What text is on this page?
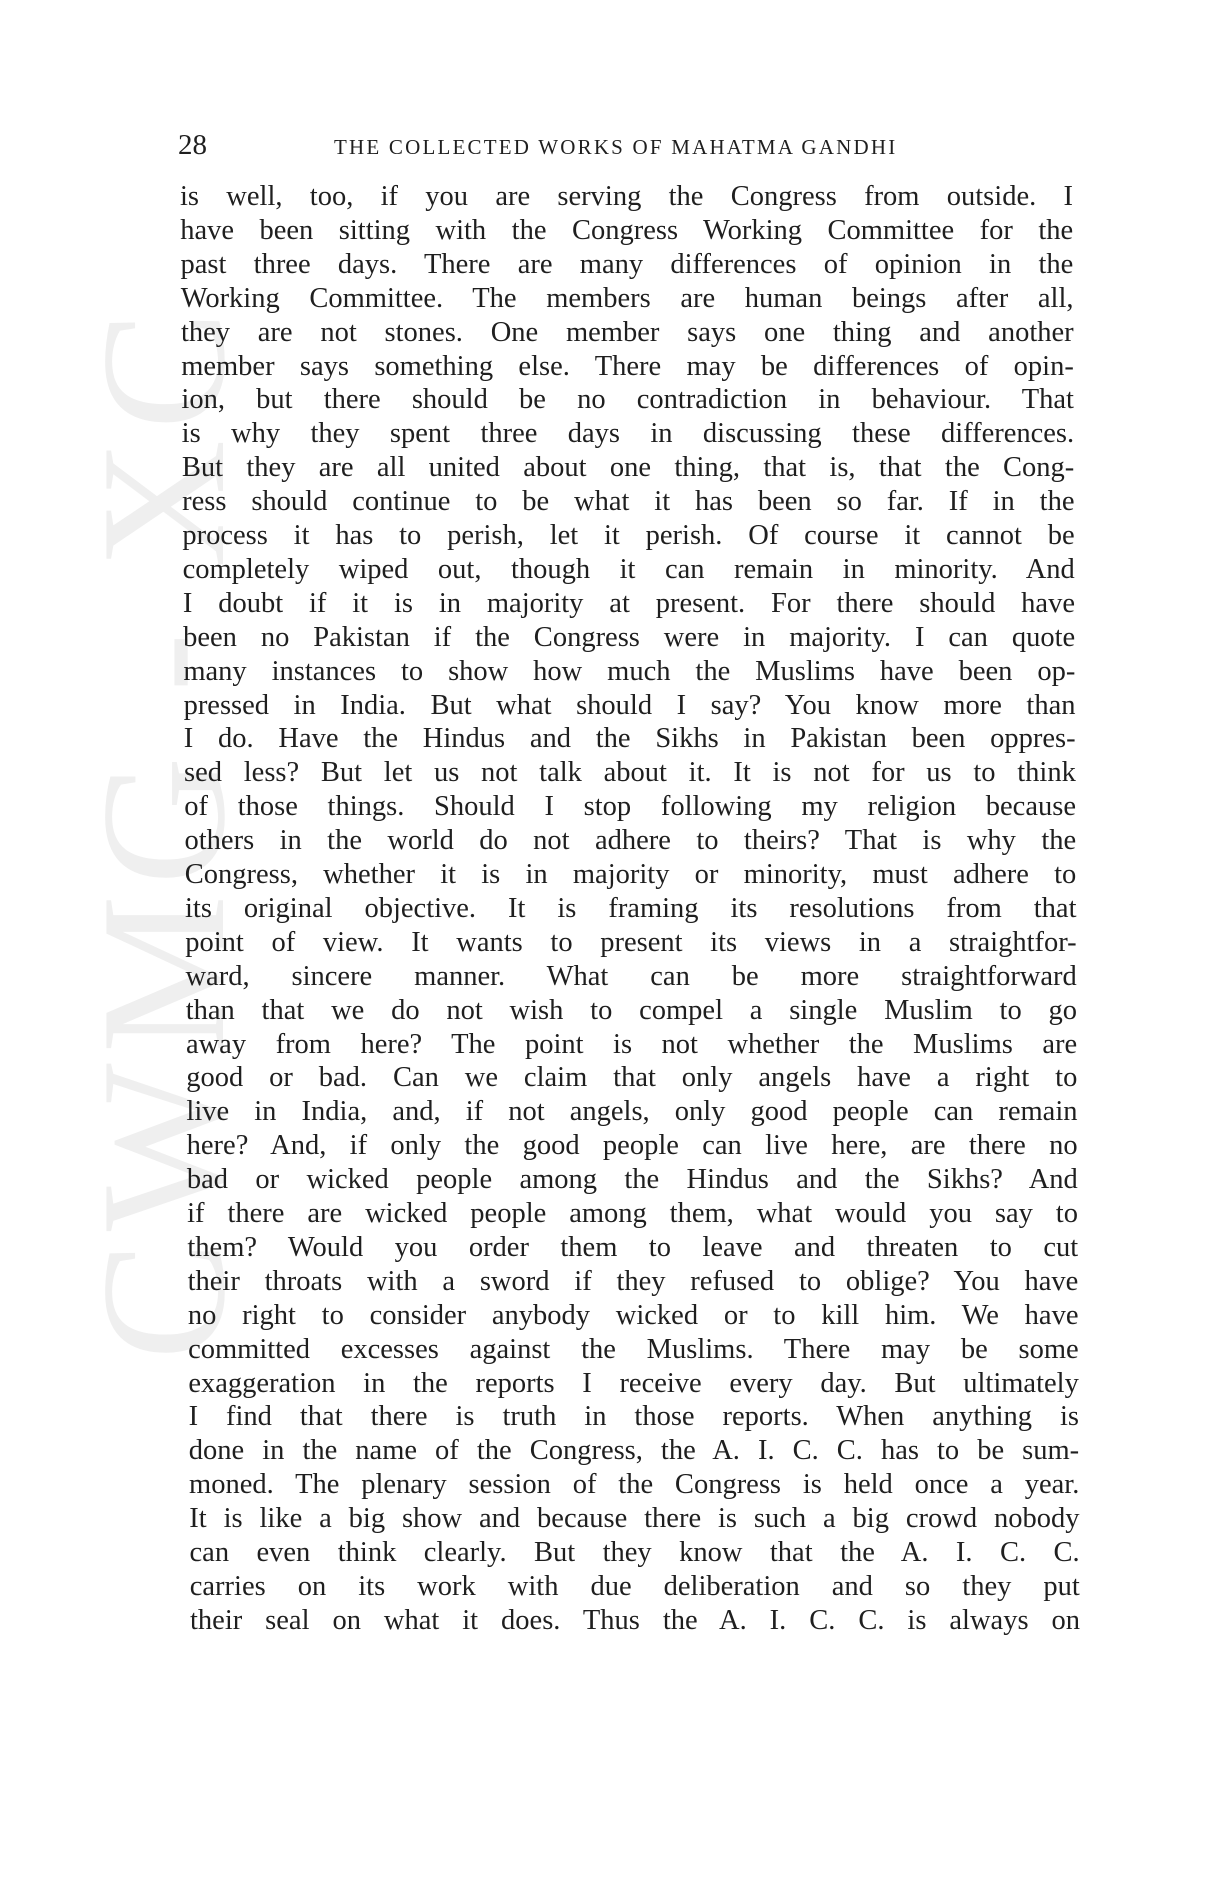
CWMG - XC
28	THE COLLECTED WORKS OF MAHATMA GANDHI
is well, too, if you are serving the Congress from outside. I
have been sitting with the Congress Working Committee for the
past three days. There are many differences of opinion in the
Working Committee. The members are human beings after all,
they are not stones. One member says one thing and another
member says something else. There may be differences of opin-
ion, but there should be no contradiction in behaviour. That
is why they spent three days in discussing these differences.
But they are all united about one thing, that is, that the Cong-
ress should continue to be what it has been so far. If in the
process it has to perish, let it perish. Of course it cannot be
completely wiped out, though it can remain in minority. And
I doubt if it is in majority at present. For there should have
been no Pakistan if the Congress were in majority. I can quote
many instances to show how much the Muslims have been op-
pressed in India. But what should I say? You know more than
I do. Have the Hindus and the Sikhs in Pakistan been oppres-
sed less? But let us not talk about it. It is not for us to think
of those things. Should I stop following my religion because
others in the world do not adhere to theirs? That is why the
Congress, whether it is in majority or minority, must adhere to
its original objective. It is framing its resolutions from that
point of view. It wants to present its views in a straightfor-
ward, sincere manner. What can be more straightforward
than that we do not wish to compel a single Muslim to go
away from here? The point is not whether the Muslims are
good or bad. Can we claim that only angels have a right to
live in India, and, if not angels, only good people can remain
here? And, if only the good people can live here, are there no
bad or wicked people among the Hindus and the Sikhs? And
if there are wicked people among them, what would you say to
them? Would you order them to leave and threaten to cut
their throats with a sword if they refused to oblige? You have
no right to consider anybody wicked or to kill him. We have
committed excesses against the Muslims. There may be some
exaggeration in the reports I receive every day. But ultimately
I find that there is truth in those reports. When anything is
done in the name of the Congress, the A. I. C. C. has to be sum-
moned. The plenary session of the Congress is held once a year.
It is like a big show and because there is such a big crowd nobody
can even think clearly. But they know that the A. I. C. C.
carries on its work with due deliberation and so they put
their seal on what it does. Thus the A. I. C. C. is always on
